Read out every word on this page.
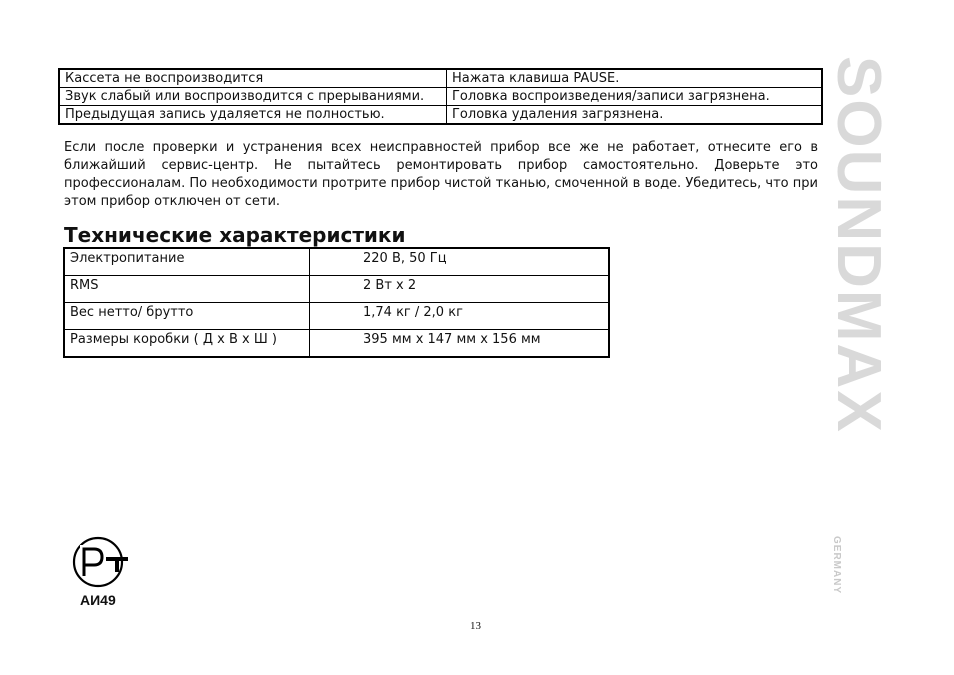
Кассета не воспроизводится	Нажата клавиша PAUSE.
Звук слабый или воспроизводится с прерываниями.	Головка воспроизведения/записи загрязнена.
Предыдущая запись удаляется не полностью.	Головка удаления загрязнена.

Если после проверки и устранения всех неисправностей прибор все же не работает, отнесите его в ближайший сервис-центр. Не пытайтесь ремонтировать прибор самостоятельно. Доверьте это профессионалам. По необходимости протрите прибор чистой тканью, смоченной в воде. Убедитесь, что при этом прибор отключен от сети.

Технические характеристики
Электропитание	220 В, 50 Гц
RMS	2 Вт х 2
Вес нетто/ брутто	1,74 кг / 2,0 кг
Размеры коробки ( Д х В х Ш )	395 мм х 147 мм х 156 мм
АИ49
13
SOUNDMAX
GERMANY
